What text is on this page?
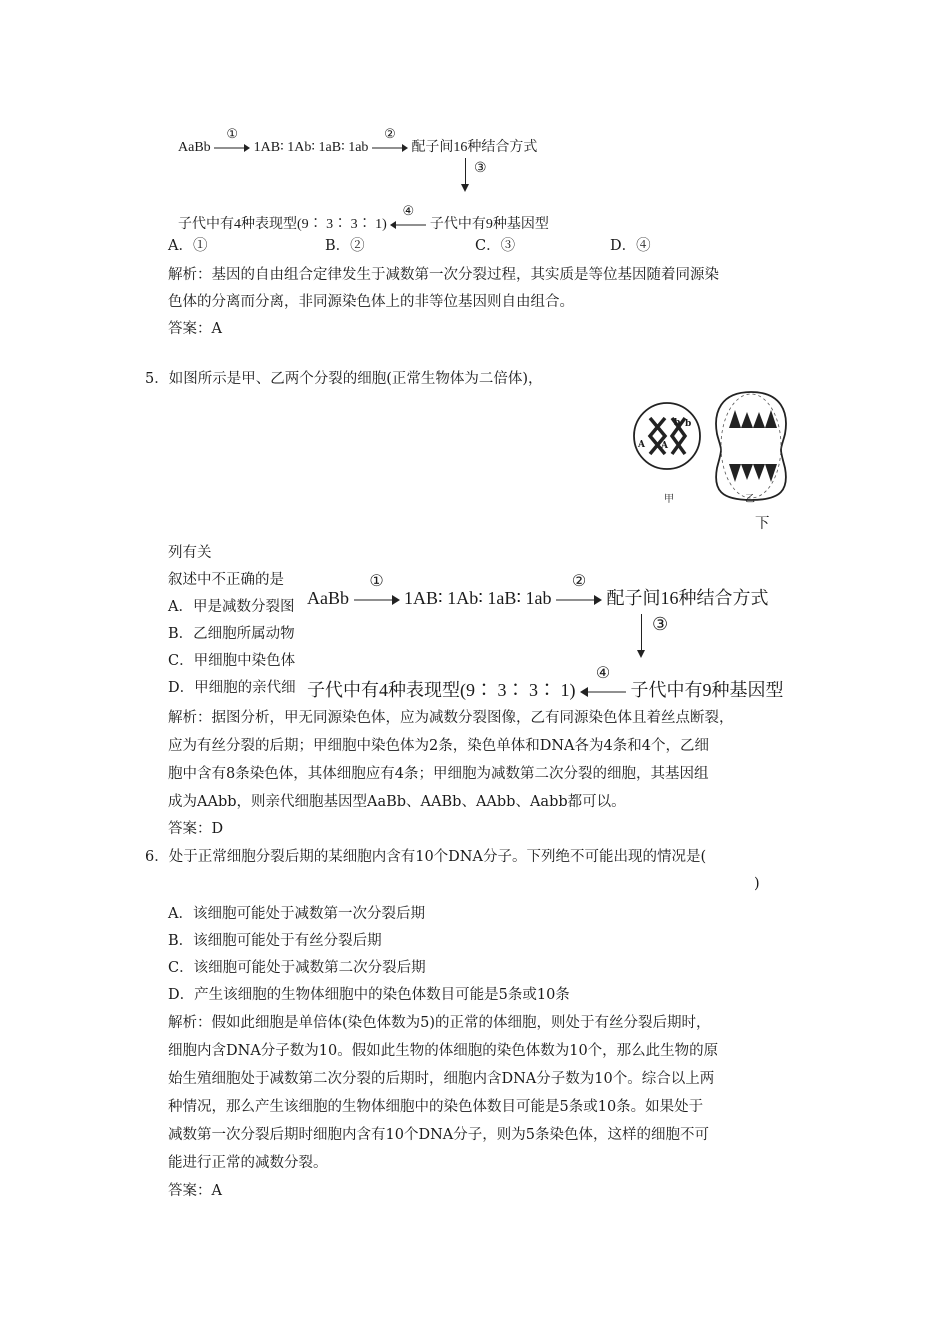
AaBb
①
1AB∶ 1Ab∶ 1aB∶ 1ab
②
配子间16种结合方式
③
子代中有4种表现型(9∶ 3∶ 3∶ 1)
④
子代中有9种基因型
A．①	B．②	C．③	D．④
解析：基因的自由组合定律发生于减数第一次分裂过程，其实质是等位基因随着同源染
色体的分离而分离，非同源染色体上的非等位基因则自由组合。
答案：A
5．如图所示是甲、乙两个分裂的细胞(正常生物体为二倍体)，
b b
A A
甲	乙
下
列有关
叙述中不正确的是
A．甲是减数分裂图
B．乙细胞所属动物
C．甲细胞中染色体
D．甲细胞的亲代细
AaBb
①
1AB∶ 1Ab∶ 1aB∶ 1ab
②
配子间16种结合方式
③
子代中有4种表现型(9∶ 3∶ 3∶ 1)
④
子代中有9种基因型
解析：据图分析，甲无同源染色体，应为减数分裂图像，乙有同源染色体且着丝点断裂，
应为有丝分裂的后期；甲细胞中染色体为2条，染色单体和DNA各为4条和4个，乙细
胞中含有8条染色体，其体细胞应有4条；甲细胞为减数第二次分裂的细胞，其基因组
成为AAbb，则亲代细胞基因型AaBb、AABb、AAbb、Aabb都可以。
答案：D
6．处于正常细胞分裂后期的某细胞内含有10个DNA分子。下列绝不可能出现的情况是(
)
A．该细胞可能处于减数第一次分裂后期
B．该细胞可能处于有丝分裂后期
C．该细胞可能处于减数第二次分裂后期
D．产生该细胞的生物体细胞中的染色体数目可能是5条或10条
解析：假如此细胞是单倍体(染色体数为5)的正常的体细胞，则处于有丝分裂后期时，
细胞内含DNA分子数为10。假如此生物的体细胞的染色体数为10个，那么此生物的原
始生殖细胞处于减数第二次分裂的后期时，细胞内含DNA分子数为10个。综合以上两
种情况，那么产生该细胞的生物体细胞中的染色体数目可能是5条或10条。如果处于
减数第一次分裂后期时细胞内含有10个DNA分子，则为5条染色体，这样的细胞不可
能进行正常的减数分裂。
答案：A
